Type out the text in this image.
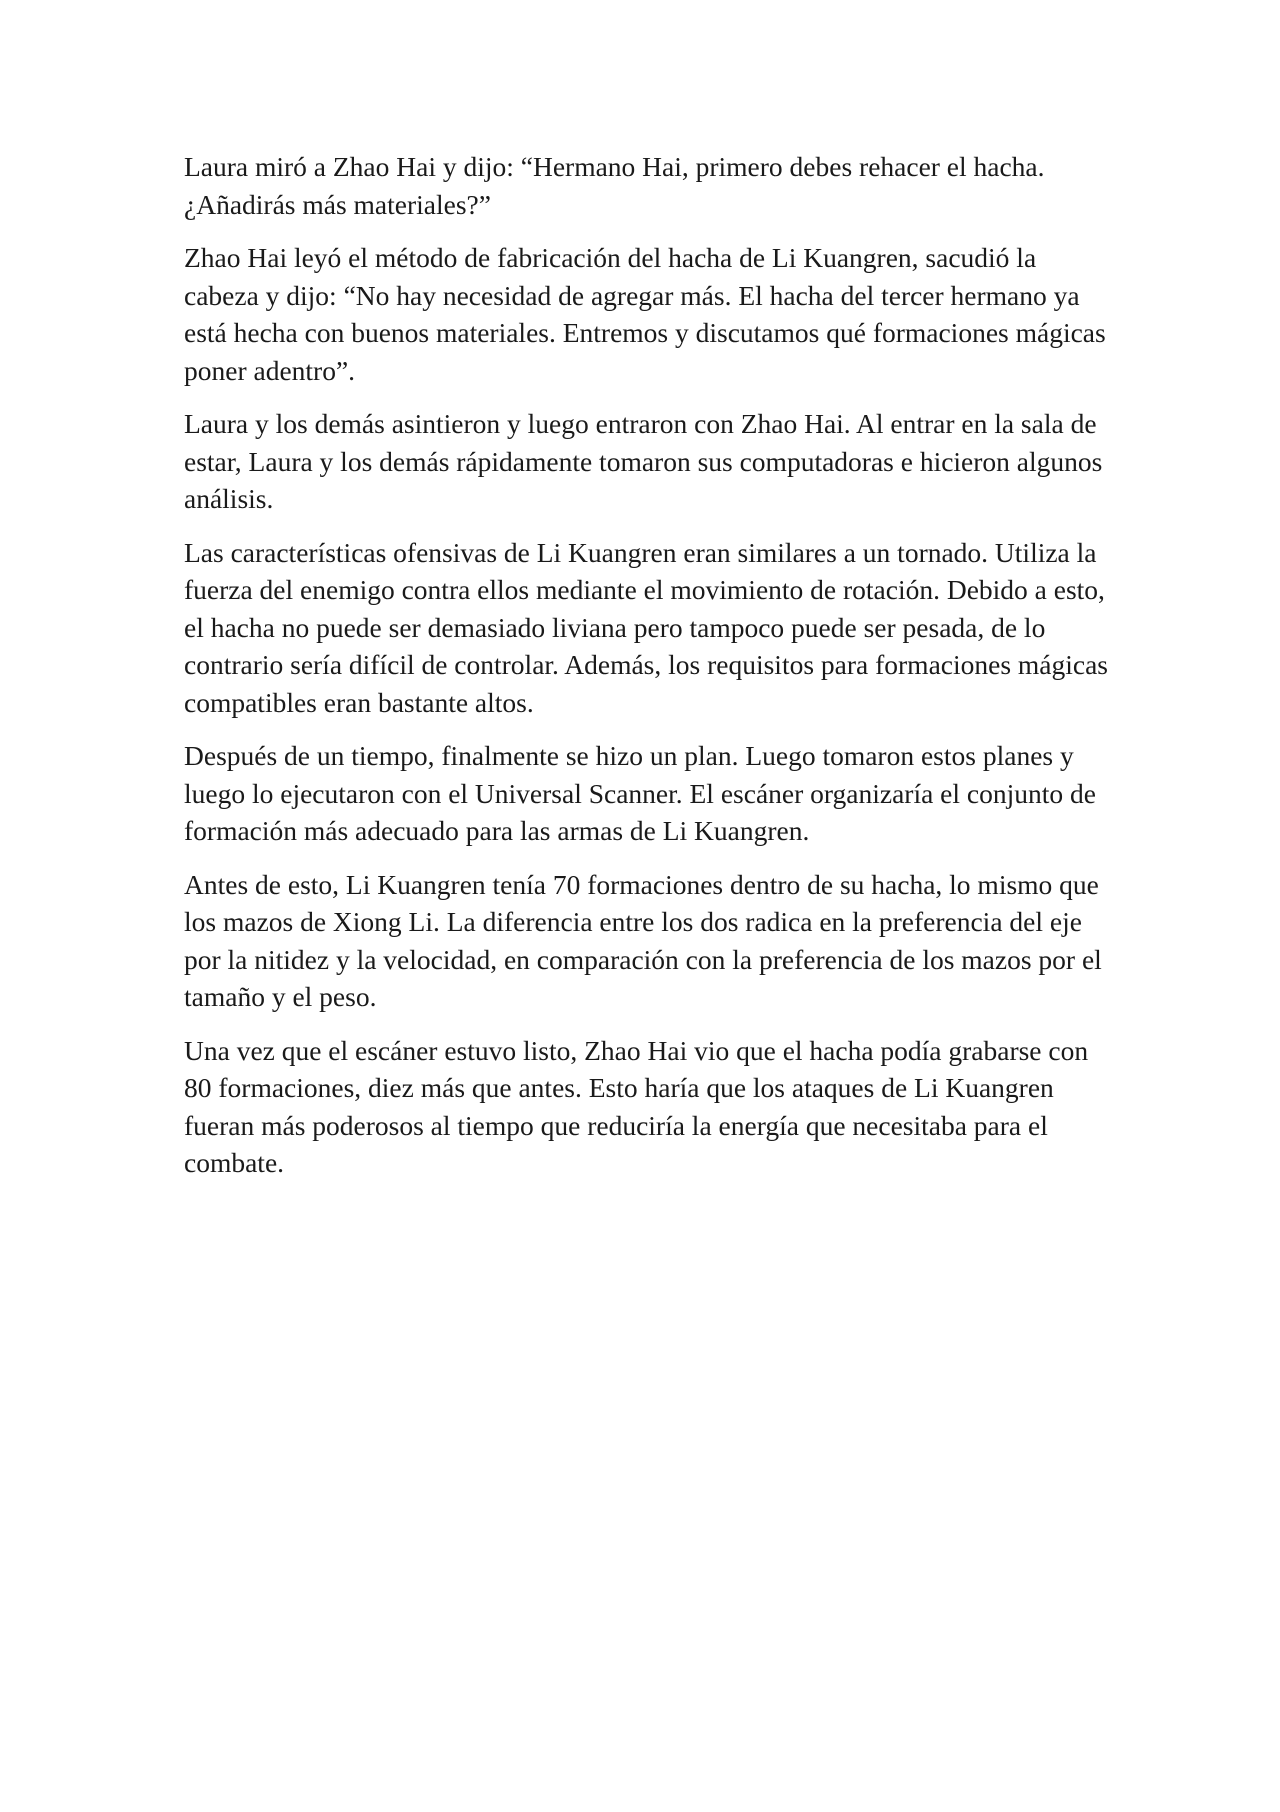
Laura miró a Zhao Hai y dijo: “Hermano Hai, primero debes rehacer el hacha. ¿Añadirás más materiales?”

Zhao Hai leyó el método de fabricación del hacha de Li Kuangren, sacudió la cabeza y dijo: “No hay necesidad de agregar más. El hacha del tercer hermano ya está hecha con buenos materiales. Entremos y discutamos qué formaciones mágicas poner adentro”.

Laura y los demás asintieron y luego entraron con Zhao Hai. Al entrar en la sala de estar, Laura y los demás rápidamente tomaron sus computadoras e hicieron algunos análisis.

Las características ofensivas de Li Kuangren eran similares a un tornado. Utiliza la fuerza del enemigo contra ellos mediante el movimiento de rotación. Debido a esto, el hacha no puede ser demasiado liviana pero tampoco puede ser pesada, de lo contrario sería difícil de controlar. Además, los requisitos para formaciones mágicas compatibles eran bastante altos.

Después de un tiempo, finalmente se hizo un plan. Luego tomaron estos planes y luego lo ejecutaron con el Universal Scanner. El escáner organizaría el conjunto de formación más adecuado para las armas de Li Kuangren.

Antes de esto, Li Kuangren tenía 70 formaciones dentro de su hacha, lo mismo que los mazos de Xiong Li. La diferencia entre los dos radica en la preferencia del eje por la nitidez y la velocidad, en comparación con la preferencia de los mazos por el tamaño y el peso.

Una vez que el escáner estuvo listo, Zhao Hai vio que el hacha podía grabarse con 80 formaciones, diez más que antes. Esto haría que los ataques de Li Kuangren fueran más poderosos al tiempo que reduciría la energía que necesitaba para el combate.
